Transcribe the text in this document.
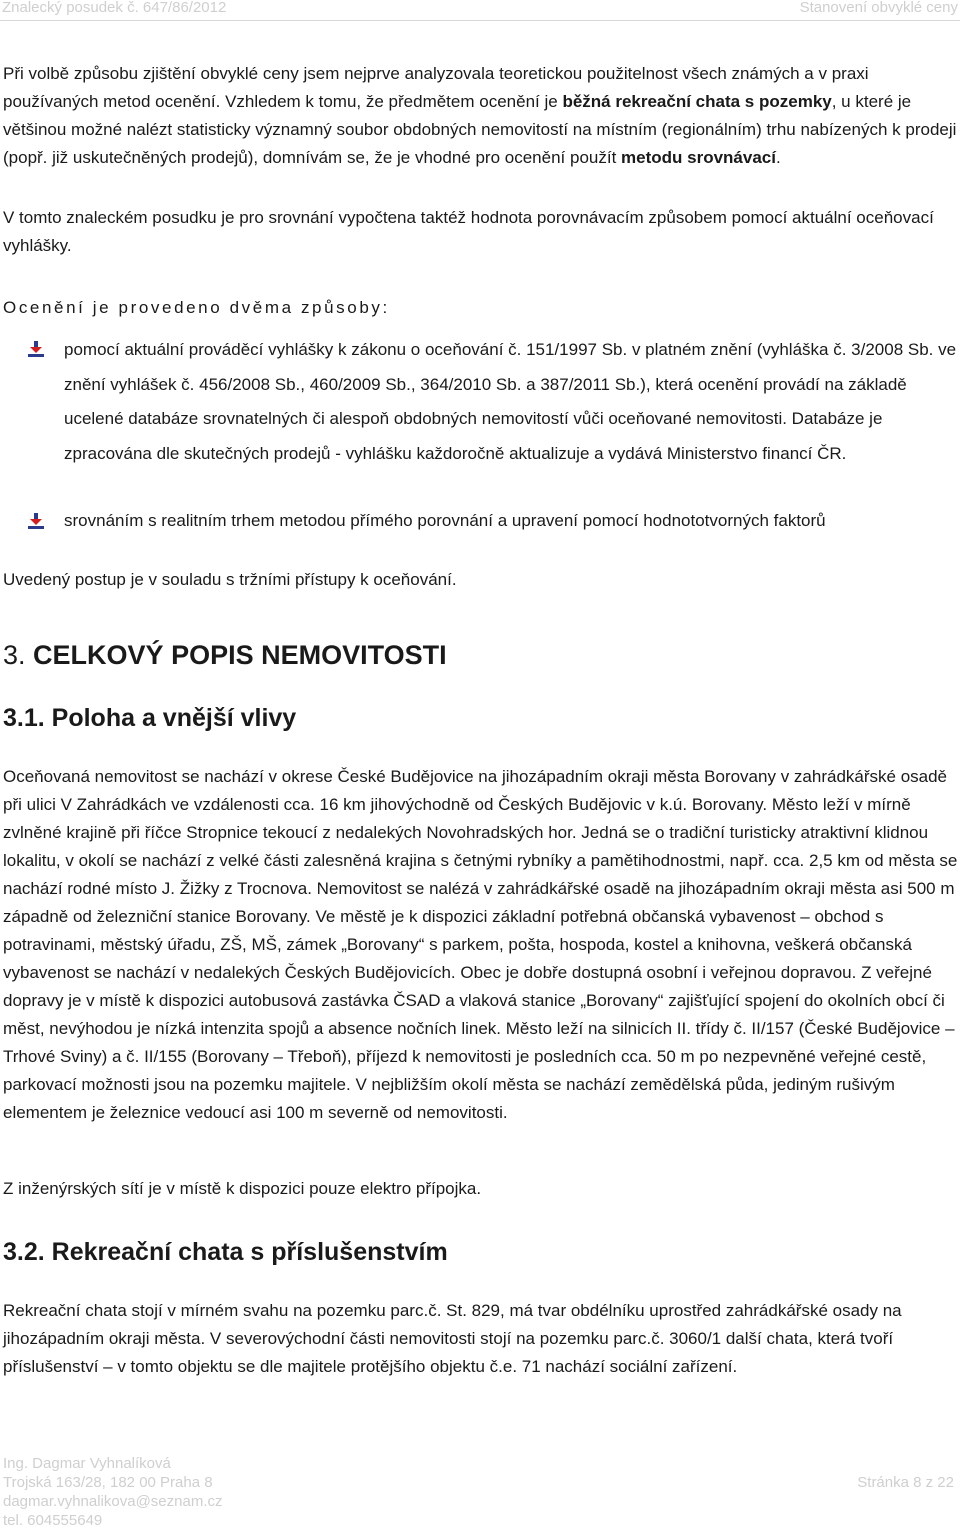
Znalecký posudek č. 647/86/2012	Stanovení obvyklé ceny

Při volbě způsobu zjištění obvyklé ceny jsem nejprve analyzovala teoretickou použitelnost všech známých a v praxi používaných metod ocenění. Vzhledem k tomu, že předmětem ocenění je běžná rekreační chata s pozemky, u které je většinou možné nalézt statisticky významný soubor obdobných nemovitostí na místním (regionálním) trhu nabízených k prodeji (popř. již uskutečněných prodejů), domnívám se, že je vhodné pro ocenění použít metodu srovnávací.

V tomto znaleckém posudku je pro srovnání vypočtena taktéž hodnota porovnávacím způsobem pomocí aktuální oceňovací vyhlášky.

Ocenění je provedeno dvěma způsoby:

pomocí aktuální prováděcí vyhlášky k zákonu o oceňování č. 151/1997 Sb. v platném znění (vyhláška č. 3/2008 Sb. ve znění vyhlášek č. 456/2008 Sb., 460/2009 Sb., 364/2010 Sb. a 387/2011 Sb.), která ocenění provádí na základě ucelené databáze srovnatelných či alespoň obdobných nemovitostí vůči oceňované nemovitosti. Databáze je zpracována dle skutečných prodejů - vyhlášku každoročně aktualizuje a vydává Ministerstvo financí ČR.

srovnáním s realitním trhem metodou přímého porovnání a upravení pomocí hodnototvorných faktorů

Uvedený postup je v souladu s tržními přístupy k oceňování.

3. CELKOVÝ POPIS NEMOVITOSTI
3.1. Poloha a vnější vlivy

Oceňovaná nemovitost se nachází v okrese České Budějovice na jihozápadním okraji města Borovany v zahrádkářské osadě při ulici V Zahrádkách ve vzdálenosti cca. 16 km jihovýchodně od Českých Budějovic v k.ú. Borovany. Město leží v mírně zvlněné krajině při říčce Stropnice tekoucí z nedalekých Novohradských hor. Jedná se o tradiční turisticky atraktivní klidnou lokalitu, v okolí se nachází z velké části zalesněná krajina s četnými rybníky a pamětihodnostmi, např. cca. 2,5 km od města se nachází rodné místo J. Žižky z Trocnova. Nemovitost se nalézá v zahrádkářské osadě na jihozápadním okraji města asi 500 m západně od železniční stanice Borovany. Ve městě je k dispozici základní potřebná občanská vybavenost – obchod s potravinami, městský úřadu, ZŠ, MŠ, zámek „Borovany“ s parkem, pošta, hospoda, kostel a knihovna, veškerá občanská vybavenost se nachází v nedalekých Českých Budějovicích. Obec je dobře dostupná osobní i veřejnou dopravou. Z veřejné dopravy je v místě k dispozici autobusová zastávka ČSAD a vlaková stanice „Borovany“ zajišťující spojení do okolních obcí či měst, nevýhodou je nízká intenzita spojů a absence nočních linek. Město leží na silnicích II. třídy č. II/157 (České Budějovice – Trhové Sviny) a č. II/155 (Borovany – Třeboň), příjezd k nemovitosti je posledních cca. 50 m po nezpevněné veřejné cestě, parkovací možnosti jsou na pozemku majitele. V nejbližším okolí města se nachází zemědělská půda, jediným rušivým elementem je železnice vedoucí asi 100 m severně od nemovitosti.

Z inženýrských sítí je v místě k dispozici pouze elektro přípojka.

3.2. Rekreační chata s příslušenstvím

Rekreační chata stojí v mírném svahu na pozemku parc.č. St. 829, má tvar obdélníku uprostřed zahrádkářské osady na jihozápadním okraji města. V severovýchodní části nemovitosti stojí na pozemku parc.č. 3060/1 další chata, která tvoří příslušenství – v tomto objektu se dle majitele protějšího objektu č.e. 71 nachází sociální zařízení.

Ing. Dagmar Vyhnalíková
Trojská 163/28, 182 00 Praha 8
dagmar.vyhnalikova@seznam.cz
tel. 604555649
Stránka 8 z 22
